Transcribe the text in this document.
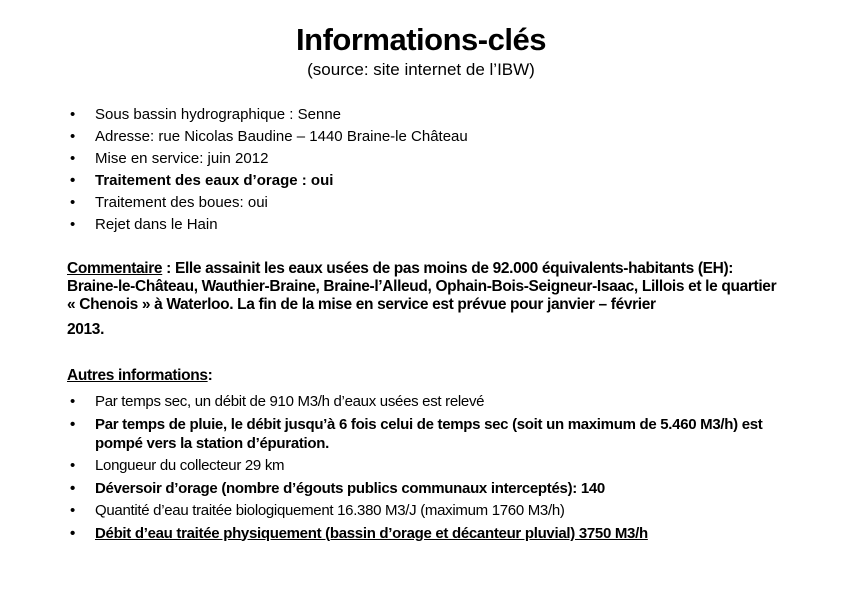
Informations-clés
(source: site internet de l’IBW)
• Sous bassin hydrographique : Senne
• Adresse: rue Nicolas Baudine – 1440 Braine-le Château
• Mise en service: juin 2012
• Traitement des eaux d’orage : oui
• Traitement des boues: oui
• Rejet dans le Hain
Commentaire : Elle assainit les eaux usées de pas moins de 92.000 équivalents-habitants (EH): Braine-le-Château, Wauthier-Braine, Braine-l’Alleud, Ophain-Bois-Seigneur-Isaac, Lillois et le quartier « Chenois » à Waterloo. La fin de la mise en service est prévue pour janvier – février
2013.
Autres informations:
• Par temps sec, un débit de 910 M3/h d’eaux usées est relevé
• Par temps de pluie, le débit jusqu’à 6 fois celui de temps sec (soit un maximum de 5.460 M3/h) est pompé vers la station d’épuration.
• Longueur du collecteur 29 km
• Déversoir d’orage (nombre d’égouts publics communaux interceptés): 140
• Quantité d’eau traitée biologiquement 16.380 M3/J (maximum 1760 M3/h)
• Débit d’eau traitée physiquement (bassin d’orage et décanteur pluvial) 3750 M3/h
